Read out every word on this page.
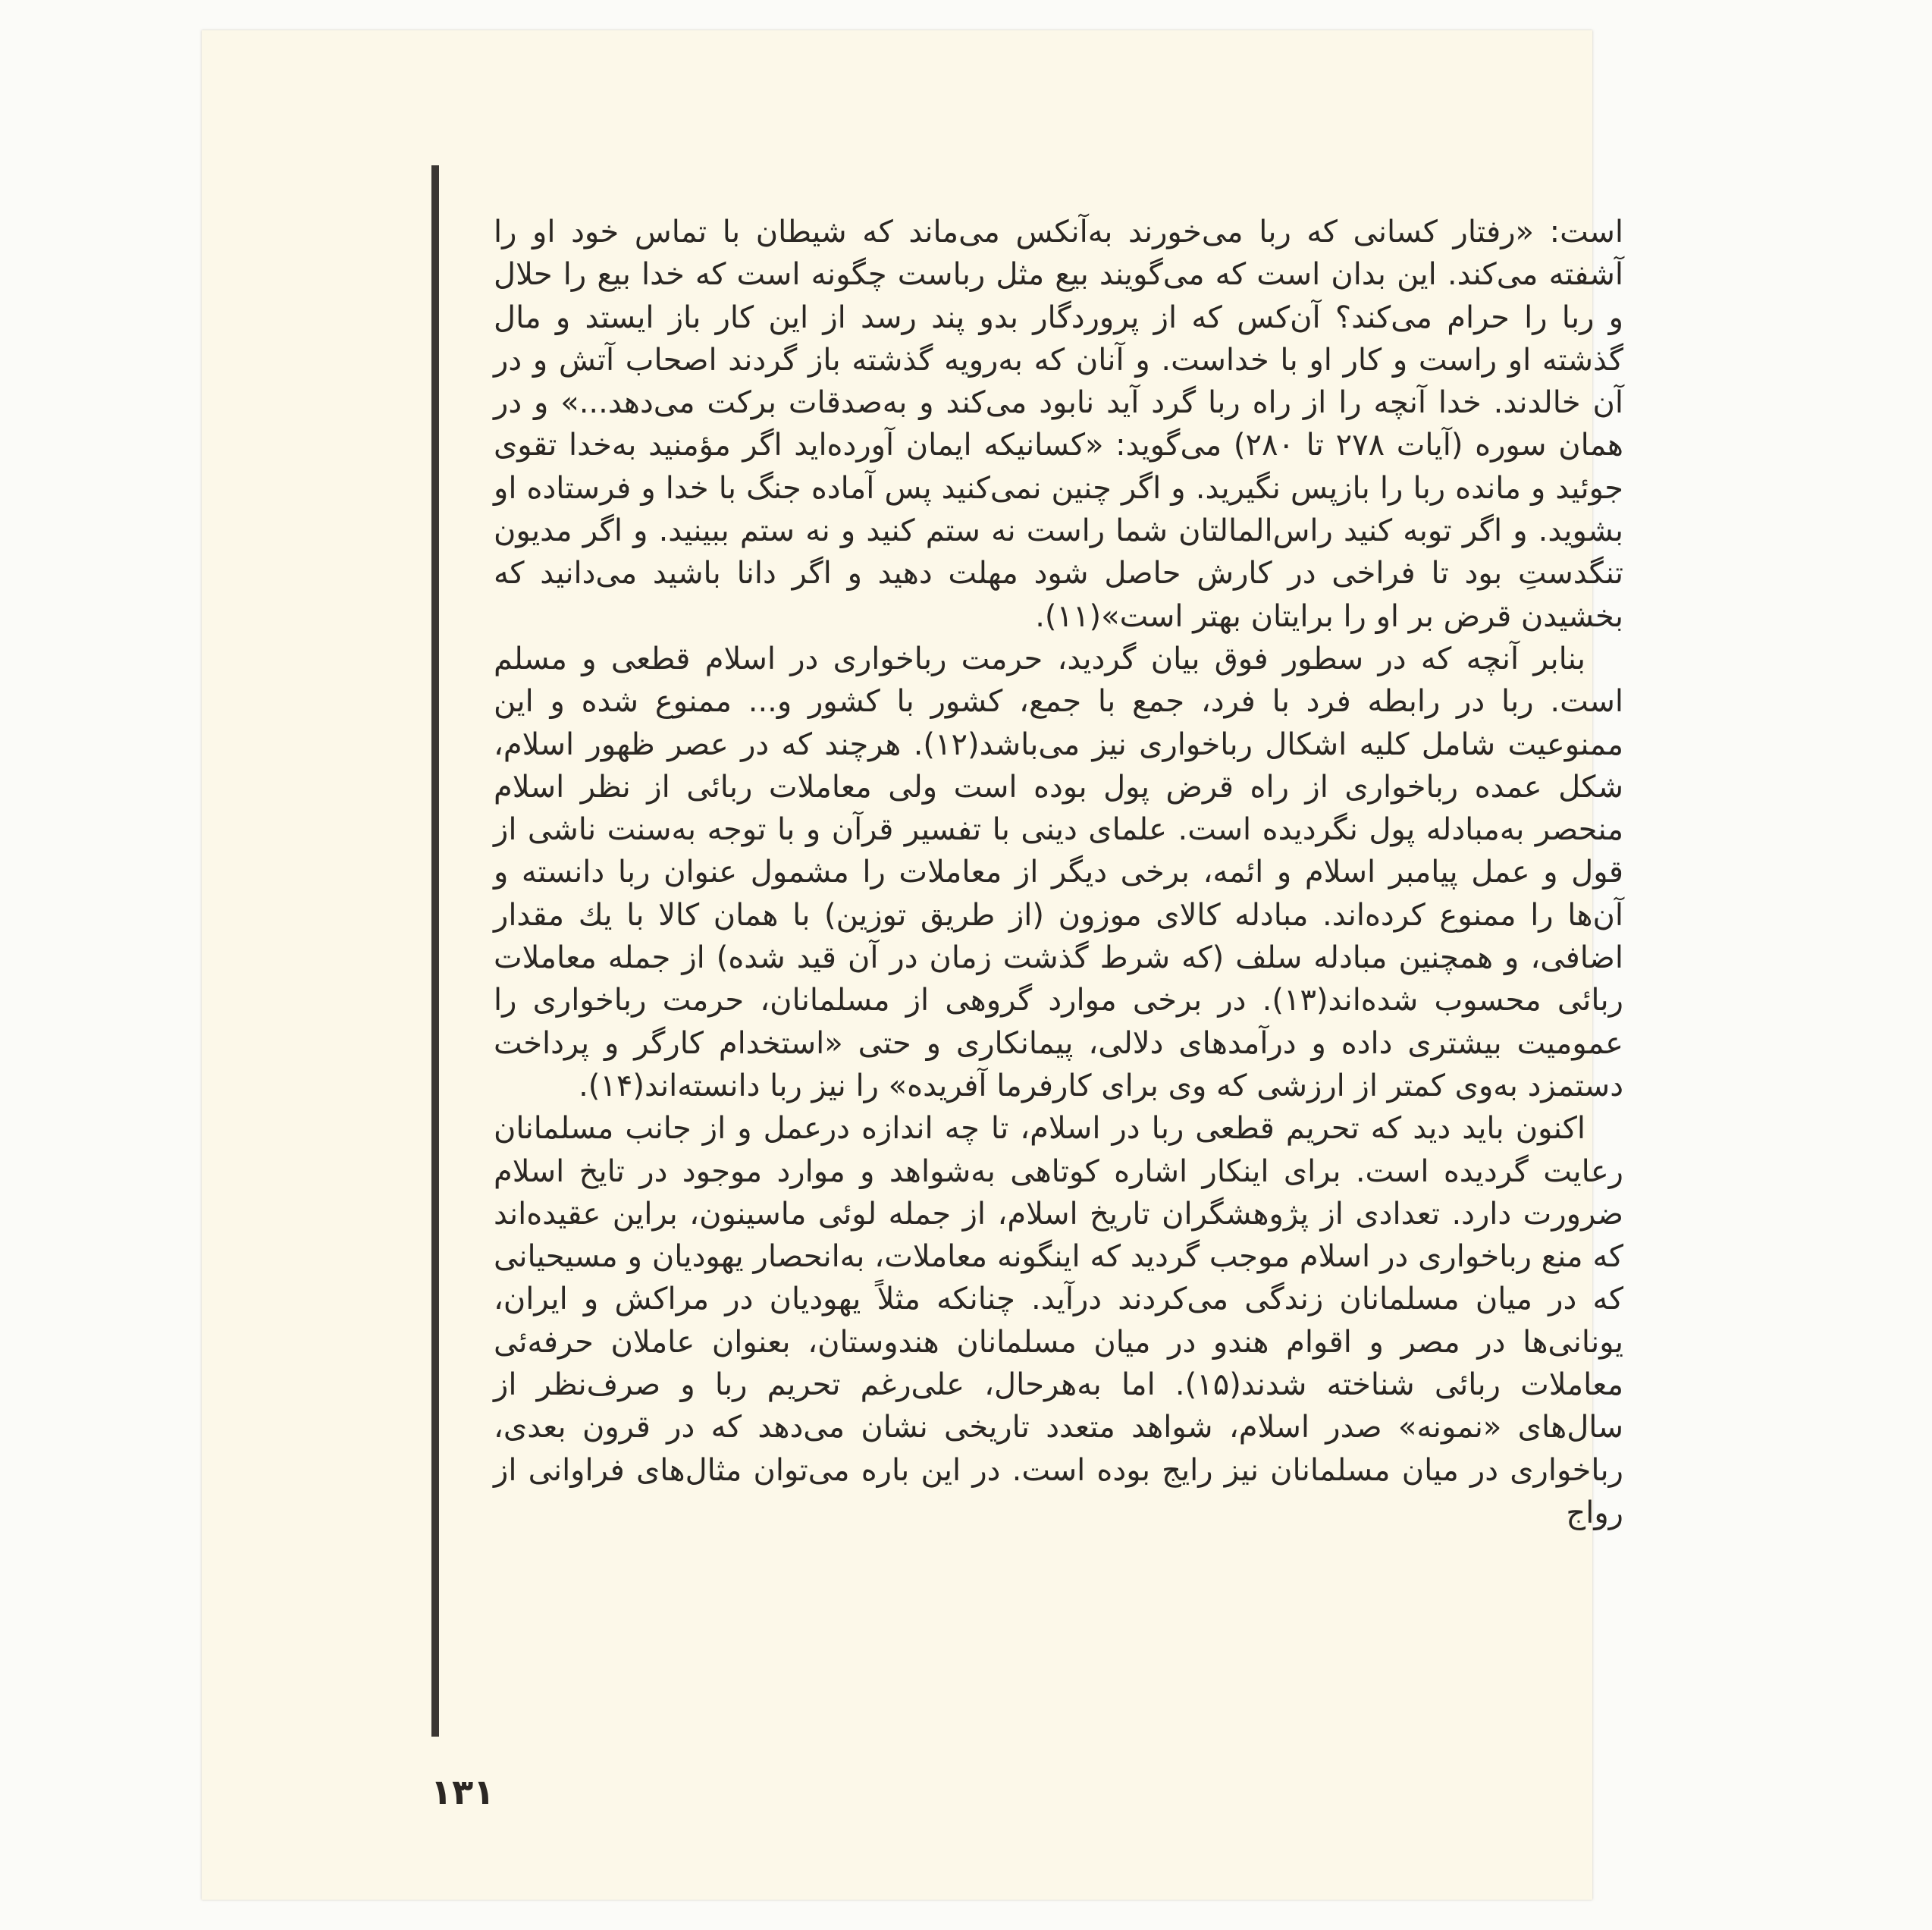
است: «رفتار کسانی که ربا می‌خورند به‌آنکس می‌ماند که شیطان با تماس خود او را آشفته می‌کند. این بدان است که می‌گویند بیع مثل رباست چگونه است که خدا بیع را حلال و ربا را حرام می‌کند؟ آن‌کس که از پروردگار بدو پند رسد از این کار باز ایستد و مال گذشته او راست و کار او با خداست. و آنان که به‌رویه گذشته باز گردند اصحاب آتش و در آن خالدند. خدا آنچه را از راه ربا گرد آید نابود می‌کند و به‌صدقات برکت می‌دهد...» و در همان سوره (آیات ۲۷۸ تا ۲۸۰) می‌گوید: «کسانیکه ایمان آورده‌اید اگر مؤمنید به‌خدا تقوی جوئید و مانده ربا را بازپس نگیرید. و اگر چنین نمی‌کنید پس آماده جنگ با خدا و فرستاده او بشوید. و اگر توبه کنید راس‌المالتان شما راست نه ستم کنید و نه ستم ببینید. و اگر مدیون تنگدستِ بود تا فراخی در کارش حاصل شود مهلت دهید و اگر دانا باشید می‌دانید که بخشیدن قرض بر او را برایتان بهتر است»(۱۱).

بنابر آنچه که در سطور فوق بیان گردید، حرمت رباخواری در اسلام قطعی و مسلم است. ربا در رابطه فرد با فرد، جمع با جمع، کشور با کشور و... ممنوع شده و این ممنوعیت شامل کلیه اشکال رباخواری نیز می‌باشد(۱۲). هرچند که در عصر ظهور اسلام، شکل عمده رباخواری از راه قرض پول بوده است ولی معاملات ربائی از نظر اسلام منحصر به‌مبادله پول نگردیده است. علمای دینی با تفسیر قرآن و با توجه به‌سنت ناشی از قول و عمل پیامبر اسلام و ائمه، برخی دیگر از معاملات را مشمول عنوان ربا دانسته و آن‌ها را ممنوع کرده‌اند. مبادله کالای موزون (از طریق توزین) با همان کالا با یك مقدار اضافی، و همچنین مبادله سلف (که شرط گذشت زمان در آن قید شده) از جمله معاملات ربائی محسوب شده‌اند(۱۳). در برخی موارد گروهی از مسلمانان، حرمت رباخواری را عمومیت بیشتری داده و درآمدهای دلالی، پیمانکاری و حتی «استخدام کارگر و پرداخت دستمزد به‌وی کمتر از ارزشی که وی برای کارفرما آفریده» را نیز ربا دانسته‌اند(۱۴).

اکنون باید دید که تحریم قطعی ربا در اسلام، تا چه اندازه درعمل و از جانب مسلمانان رعایت گردیده است. برای اینکار اشاره کوتاهی به‌شواهد و موارد موجود در تایخ اسلام ضرورت دارد. تعدادی از پژوهشگران تاریخ اسلام، از جمله لوئی ماسینون، براین عقیده‌اند که منع رباخواری در اسلام موجب گردید که اینگونه معاملات، به‌انحصار یهودیان و مسیحیانی که در میان مسلمانان زندگی می‌کردند درآید. چنانکه مثلاً یهودیان در مراکش و ایران، یونانی‌ها در مصر و اقوام هندو در میان مسلمانان هندوستان، بعنوان عاملان حرفه‌ئی معاملات ربائی شناخته شدند(۱۵). اما به‌هرحال، علی‌رغم تحریم ربا و صرف‌نظر از سال‌های «نمونه» صدر اسلام، شواهد متعدد تاریخی نشان می‌دهد که در قرون بعدی، رباخواری در میان مسلمانان نیز رایج بوده است. در این باره می‌توان مثال‌های فراوانی از رواج

۱۳۱
